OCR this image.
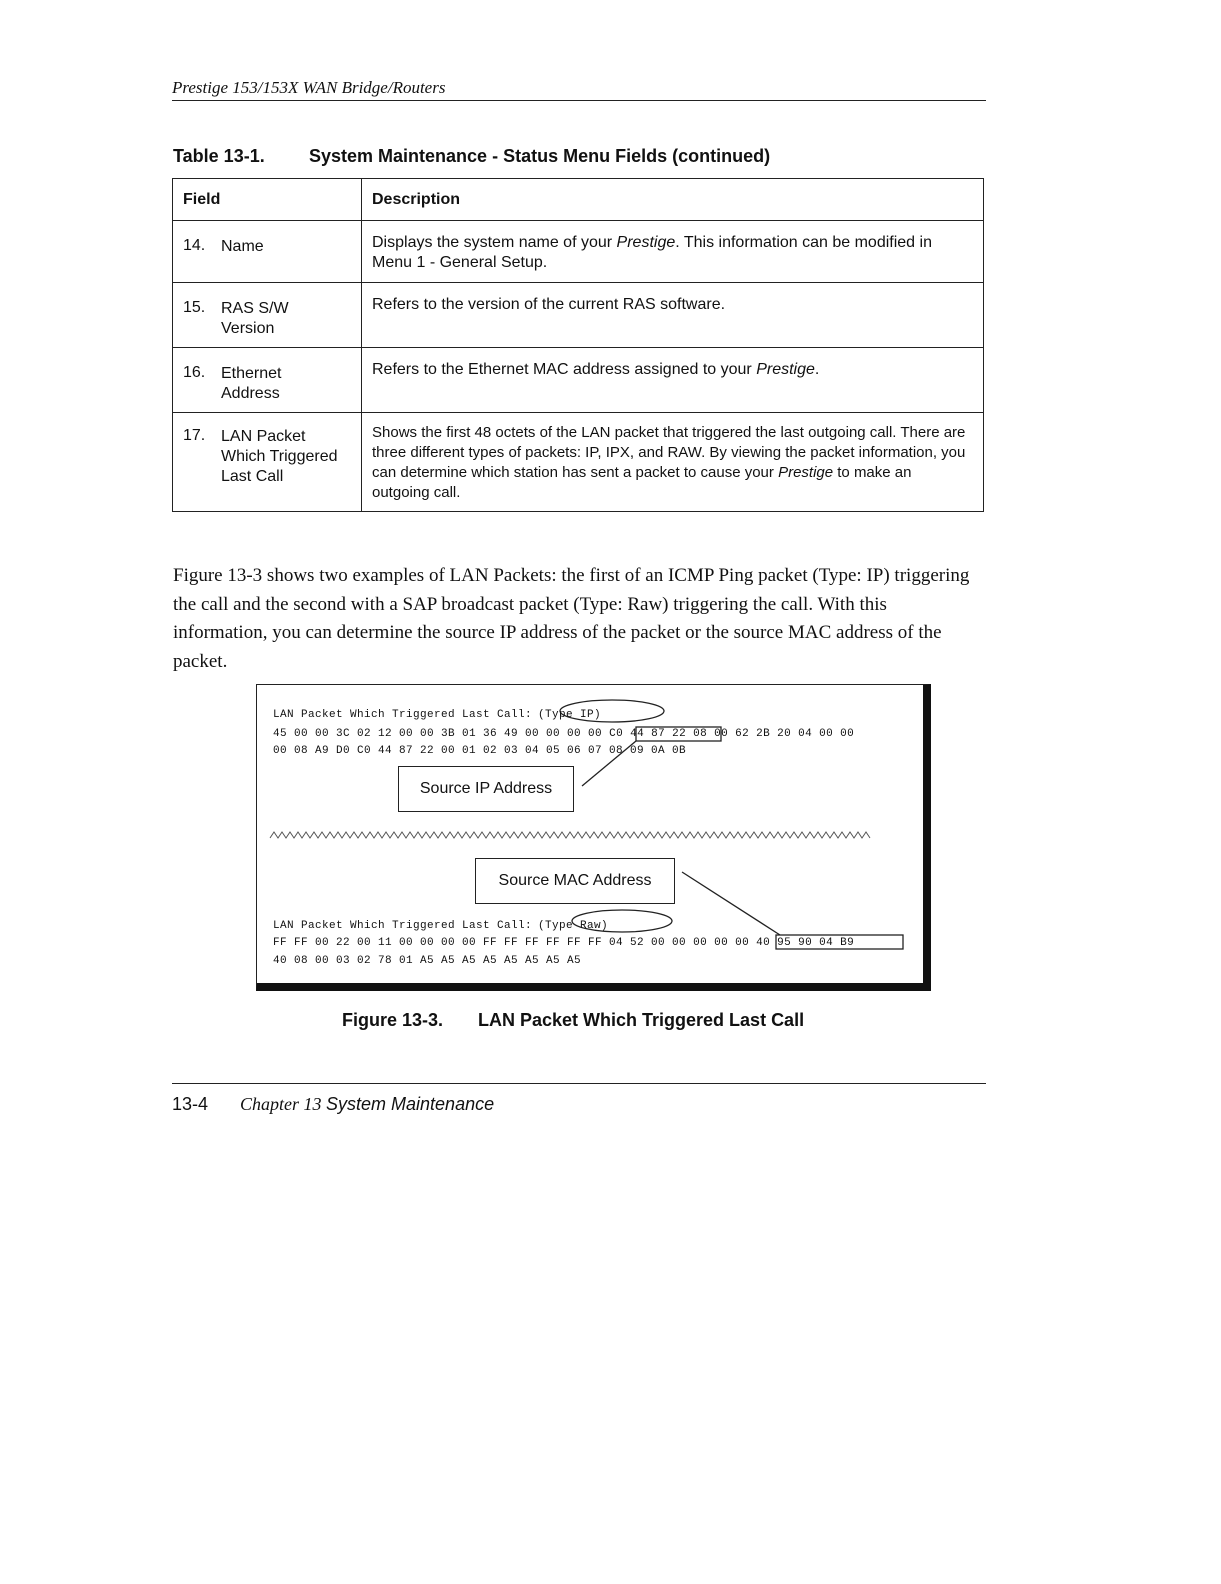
Prestige 153/153X WAN Bridge/Routers
Table 13-1. System Maintenance - Status Menu Fields (continued)
Field	Description
14. Name	Displays the system name of your Prestige. This information can be modified in Menu 1 - General Setup.
15. RAS S/W Version	Refers to the version of the current RAS software.
16. Ethernet Address	Refers to the Ethernet MAC address assigned to your Prestige.
17. LAN Packet Which Triggered Last Call	Shows the first 48 octets of the LAN packet that triggered the last outgoing call. There are three different types of packets: IP, IPX, and RAW. By viewing the packet information, you can determine which station has sent a packet to cause your Prestige to make an outgoing call.
Figure 13-3 shows two examples of LAN Packets: the first of an ICMP Ping packet (Type: IP) triggering the call and the second with a SAP broadcast packet (Type: Raw) triggering the call. With this information, you can determine the source IP address of the packet or the source MAC address of the packet.
LAN Packet Which Triggered Last Call: (Type IP)
45 00 00 3C 02 12 00 00 3B 01 36 49 00 00 00 00 C0 44 87 22 08 00 62 2B 20 04 00 00
00 08 A9 D0 C0 44 87 22 00 01 02 03 04 05 06 07 08 09 0A 0B
Source IP Address
Source MAC Address
LAN Packet Which Triggered Last Call: (Type Raw)
FF FF 00 22 00 11 00 00 00 00 FF FF FF FF FF FF 04 52 00 00 00 00 00 40 95 90 04 B9
40 08 00 03 02 78 01 A5 A5 A5 A5 A5 A5 A5 A5
Figure 13-3. LAN Packet Which Triggered Last Call
13-4 Chapter 13 System Maintenance
